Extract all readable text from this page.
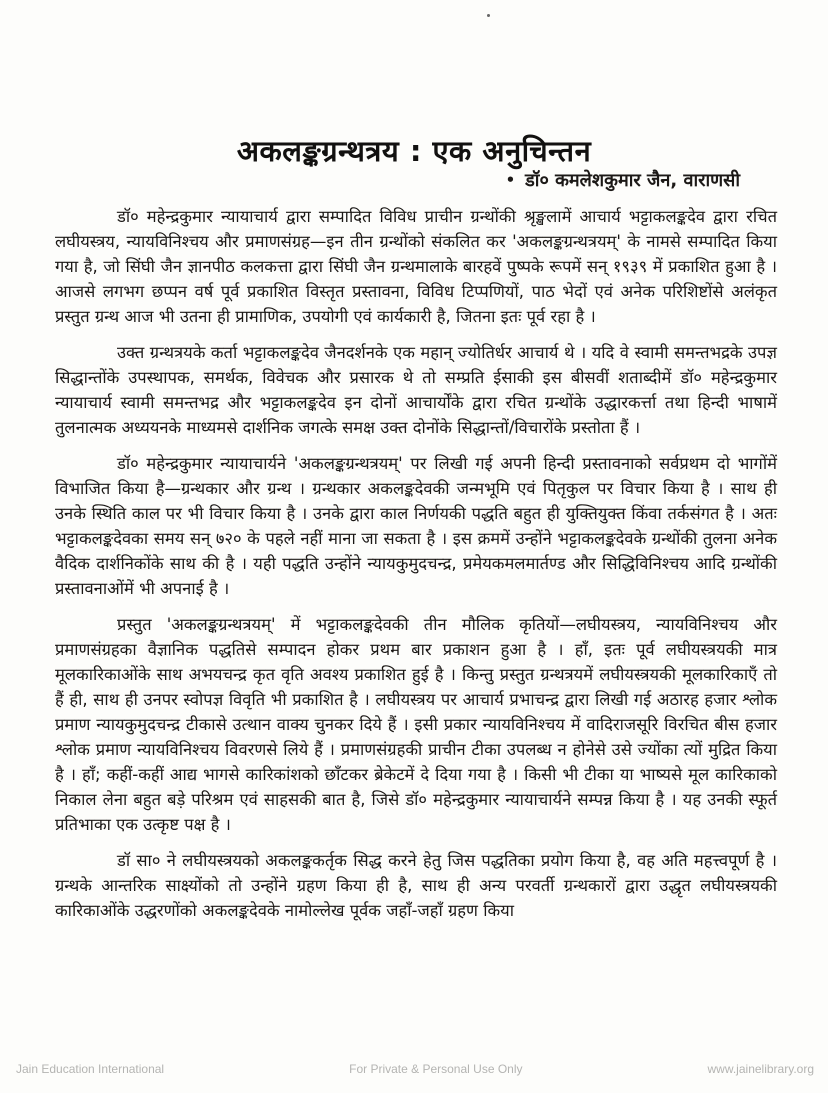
अकलङ्कग्रन्थत्रय : एक अनुचिन्तन
• डॉ० कमलेशकुमार जैन, वाराणसी

डॉ० महेन्द्रकुमार न्यायाचार्य द्वारा सम्पादित विविध प्राचीन ग्रन्थोंकी श्रृङ्खलामें आचार्य भट्टाकलङ्कदेव द्वारा रचित लघीयस्त्रय, न्यायविनिश्चय और प्रमाणसंग्रह—इन तीन ग्रन्थोंको संकलित कर 'अकलङ्कग्रन्थत्रयम्' के नामसे सम्पादित किया गया है, जो सिंघी जैन ज्ञानपीठ कलकत्ता द्वारा सिंघी जैन ग्रन्थमालाके बारहवें पुष्पके रूपमें सन् १९३९ में प्रकाशित हुआ है । आजसे लगभग छप्पन वर्ष पूर्व प्रकाशित विस्तृत प्रस्तावना, विविध टिप्पणियों, पाठ भेदों एवं अनेक परिशिष्टोंसे अलंकृत प्रस्तुत ग्रन्थ आज भी उतना ही प्रामाणिक, उपयोगी एवं कार्यकारी है, जितना इतः पूर्व रहा है ।

उक्त ग्रन्थत्रयके कर्ता भट्टाकलङ्कदेव जैनदर्शनके एक महान् ज्योतिर्धर आचार्य थे । यदि वे स्वामी समन्तभद्रके उपज्ञ सिद्धान्तोंके उपस्थापक, समर्थक, विवेचक और प्रसारक थे तो सम्प्रति ईसाकी इस बीसवीं शताब्दीमें डॉ० महेन्द्रकुमार न्यायाचार्य स्वामी समन्तभद्र और भट्टाकलङ्कदेव इन दोनों आचार्योंके द्वारा रचित ग्रन्थोंके उद्धारकर्त्ता तथा हिन्दी भाषामें तुलनात्मक अध्ययनके माध्यमसे दार्शनिक जगत्के समक्ष उक्त दोनोंके सिद्धान्तों/विचारोंके प्रस्तोता हैं ।

डॉ० महेन्द्रकुमार न्यायाचार्यने 'अकलङ्कग्रन्थत्रयम्' पर लिखी गई अपनी हिन्दी प्रस्तावनाको सर्वप्रथम दो भागोंमें विभाजित किया है—ग्रन्थकार और ग्रन्थ । ग्रन्थकार अकलङ्कदेवकी जन्मभूमि एवं पितृकुल पर विचार किया है । साथ ही उनके स्थिति काल पर भी विचार किया है । उनके द्वारा काल निर्णयकी पद्धति बहुत ही युक्तियुक्त किंवा तर्कसंगत है । अतः भट्टाकलङ्कदेवका समय सन् ७२० के पहले नहीं माना जा सकता है । इस क्रममें उन्होंने भट्टाकलङ्कदेवके ग्रन्थोंकी तुलना अनेक वैदिक दार्शनिकोंके साथ की है । यही पद्धति उन्होंने न्यायकुमुदचन्द्र, प्रमेयकमलमार्तण्ड और सिद्धिविनिश्चय आदि ग्रन्थोंकी प्रस्तावनाओंमें भी अपनाई है ।

प्रस्तुत 'अकलङ्कग्रन्थत्रयम्' में भट्टाकलङ्कदेवकी तीन मौलिक कृतियों—लघीयस्त्रय, न्यायविनिश्चय और प्रमाणसंग्रहका वैज्ञानिक पद्धतिसे सम्पादन होकर प्रथम बार प्रकाशन हुआ है । हाँ, इतः पूर्व लघीयस्त्रयकी मात्र मूलकारिकाओंके साथ अभयचन्द्र कृत वृति अवश्य प्रकाशित हुई है । किन्तु प्रस्तुत ग्रन्थत्रयमें लघीयस्त्रयकी मूलकारिकाएँ तो हैं ही, साथ ही उनपर स्वोपज्ञ विवृति भी प्रकाशित है । लघीयस्त्रय पर आचार्य प्रभाचन्द्र द्वारा लिखी गई अठारह हजार श्लोक प्रमाण न्यायकुमुदचन्द्र टीकासे उत्थान वाक्य चुनकर दिये हैं । इसी प्रकार न्यायविनिश्चय में वादिराजसूरि विरचित बीस हजार श्लोक प्रमाण न्यायविनिश्चय विवरणसे लिये हैं । प्रमाणसंग्रहकी प्राचीन टीका उपलब्ध न होनेसे उसे ज्योंका त्यों मुद्रित किया है । हाँ; कहीं-कहीं आद्य भागसे कारिकांशको छाँटकर ब्रेकेटमें दे दिया गया है । किसी भी टीका या भाष्यसे मूल कारिकाको निकाल लेना बहुत बड़े परिश्रम एवं साहसकी बात है, जिसे डॉ० महेन्द्रकुमार न्यायाचार्यने सम्पन्न किया है । यह उनकी स्फूर्त प्रतिभाका एक उत्कृष्ट पक्ष है ।

डॉ सा० ने लघीयस्त्रयको अकलङ्ककर्तृक सिद्ध करने हेतु जिस पद्धतिका प्रयोग किया है, वह अति महत्त्वपूर्ण है । ग्रन्थके आन्तरिक साक्ष्योंको तो उन्होंने ग्रहण किया ही है, साथ ही अन्य परवर्ती ग्रन्थकारों द्वारा उद्धृत लघीयस्त्रयकी कारिकाओंके उद्धरणोंको अकलङ्कदेवके नामोल्लेख पूर्वक जहाँ-जहाँ ग्रहण किया

Jain Education International	For Private & Personal Use Only	www.jainelibrary.org
